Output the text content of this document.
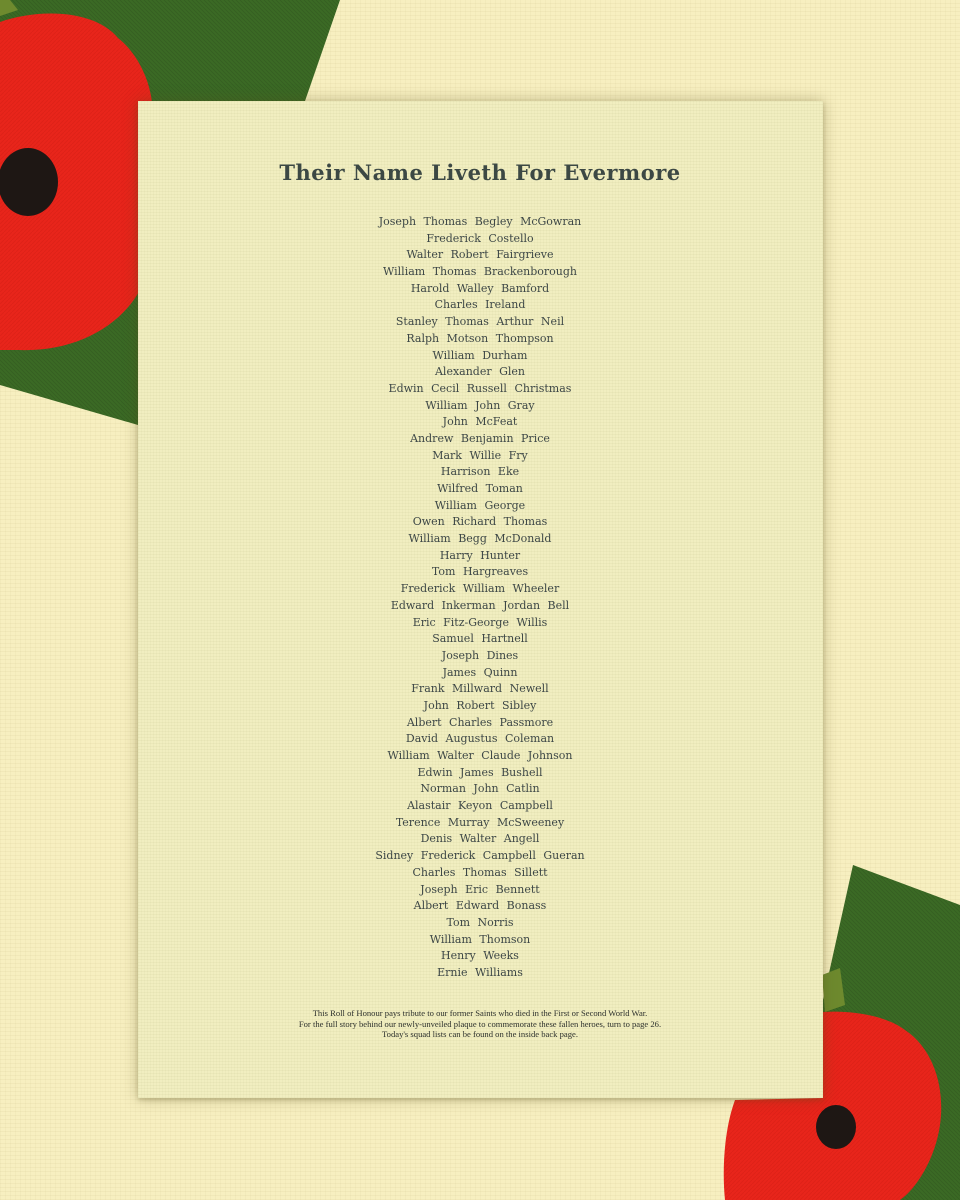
Their Name Liveth For Evermore
Joseph Thomas Begley McGowran
Frederick Costello
Walter Robert Fairgrieve
William Thomas Brackenborough
Harold Walley Bamford
Charles Ireland
Stanley Thomas Arthur Neil
Ralph Motson Thompson
William Durham
Alexander Glen
Edwin Cecil Russell Christmas
William John Gray
John McFeat
Andrew Benjamin Price
Mark Willie Fry
Harrison Eke
Wilfred Toman
William George
Owen Richard Thomas
William Begg McDonald
Harry Hunter
Tom Hargreaves
Frederick William Wheeler
Edward Inkerman Jordan Bell
Eric Fitz-George Willis
Samuel Hartnell
Joseph Dines
James Quinn
Frank Millward Newell
John Robert Sibley
Albert Charles Passmore
David Augustus Coleman
William Walter Claude Johnson
Edwin James Bushell
Norman John Catlin
Alastair Keyon Campbell
Terence Murray McSweeney
Denis Walter Angell
Sidney Frederick Campbell Gueran
Charles Thomas Sillett
Joseph Eric Bennett
Albert Edward Bonass
Tom Norris
William Thomson
Henry Weeks
Ernie Williams

This Roll of Honour pays tribute to our former Saints who died in the First or Second World War.

For the full story behind our newly-unveiled plaque to commemorate these fallen heroes, turn to page 26.

Today's squad lists can be found on the inside back page.
